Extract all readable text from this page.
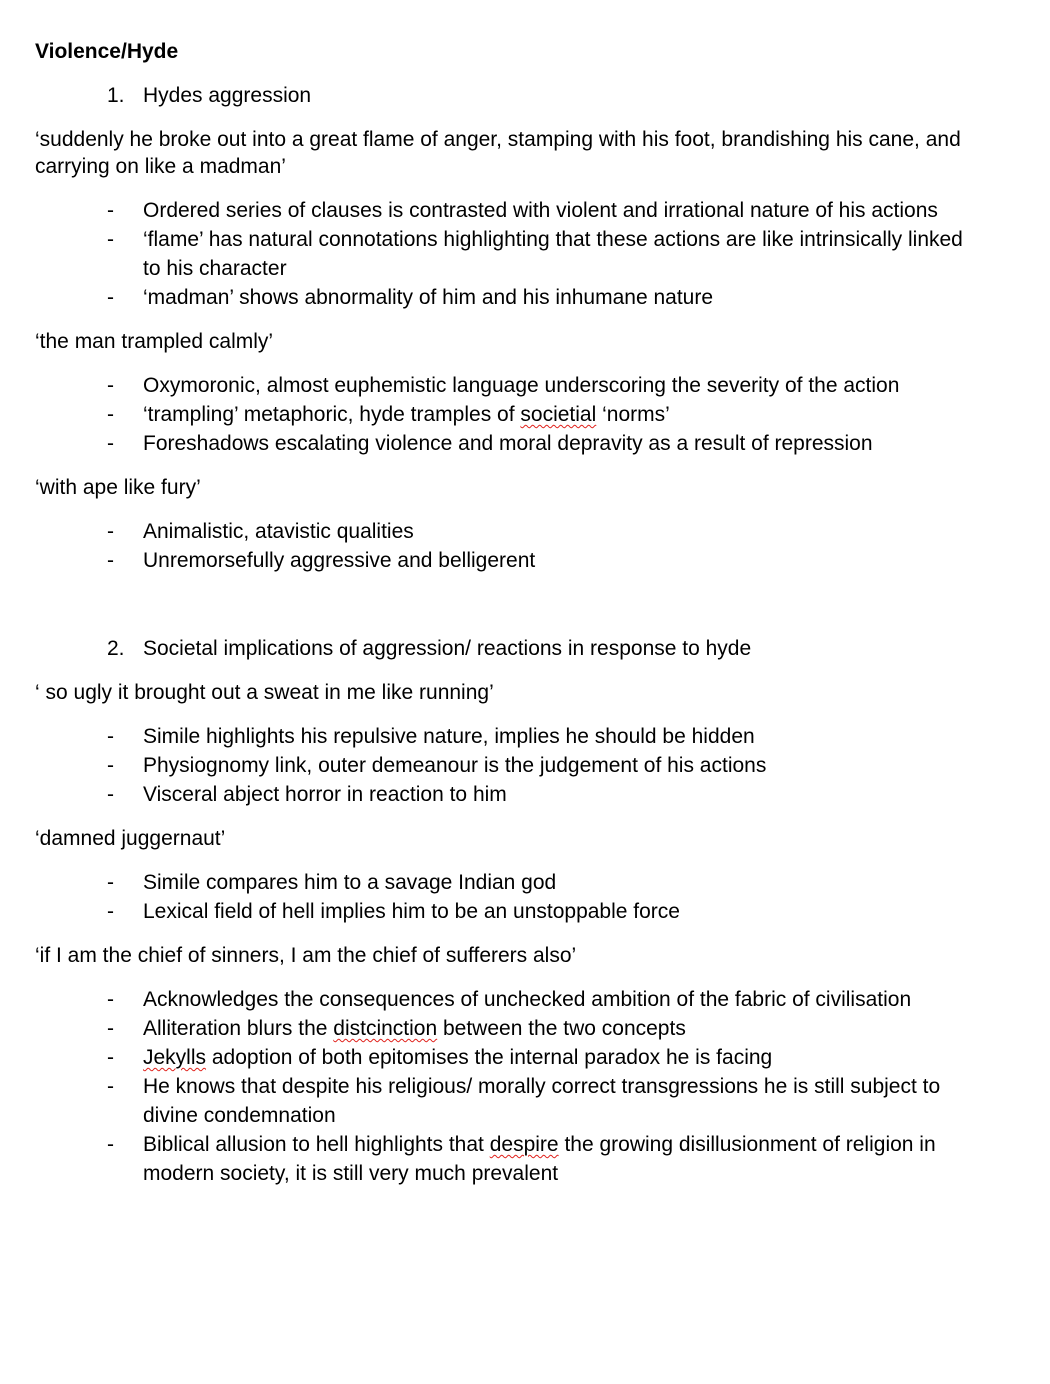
Violence/Hyde
1. Hydes aggression
‘suddenly he broke out into a great flame of anger, stamping with his foot, brandishing his cane, and carrying on like a madman’
-	Ordered series of clauses is contrasted with violent and irrational nature of his actions
-	‘flame’ has natural connotations highlighting that these actions are like intrinsically linked to his character
-	‘madman’ shows abnormality of him and his inhumane nature
‘the man trampled calmly’
-	Oxymoronic, almost euphemistic language underscoring the severity of the action
-	‘trampling’ metaphoric, hyde tramples of societial ‘norms’
-	Foreshadows escalating violence and moral depravity as a result of repression
‘with ape like fury’
-	Animalistic, atavistic qualities
-	Unremorsefully aggressive and belligerent
2. Societal implications of aggression/ reactions in response to hyde
‘ so ugly it brought out a sweat in me like running’
-	Simile highlights his repulsive nature, implies he should be hidden
-	Physiognomy link, outer demeanour is the judgement of his actions
-	Visceral abject horror in reaction to him
‘damned juggernaut’
-	Simile compares him to a savage Indian god
-	Lexical field of hell implies him to be an unstoppable force
‘if I am the chief of sinners, I am the chief of sufferers also’
-	Acknowledges the consequences of unchecked ambition of the fabric of civilisation
-	Alliteration blurs the distcinction between the two concepts
-	Jekylls adoption of both epitomises the internal paradox he is facing
-	He knows that despite his religious/ morally correct transgressions he is still subject to divine condemnation
-	Biblical allusion to hell highlights that despire the growing disillusionment of religion in modern society, it is still very much prevalent
